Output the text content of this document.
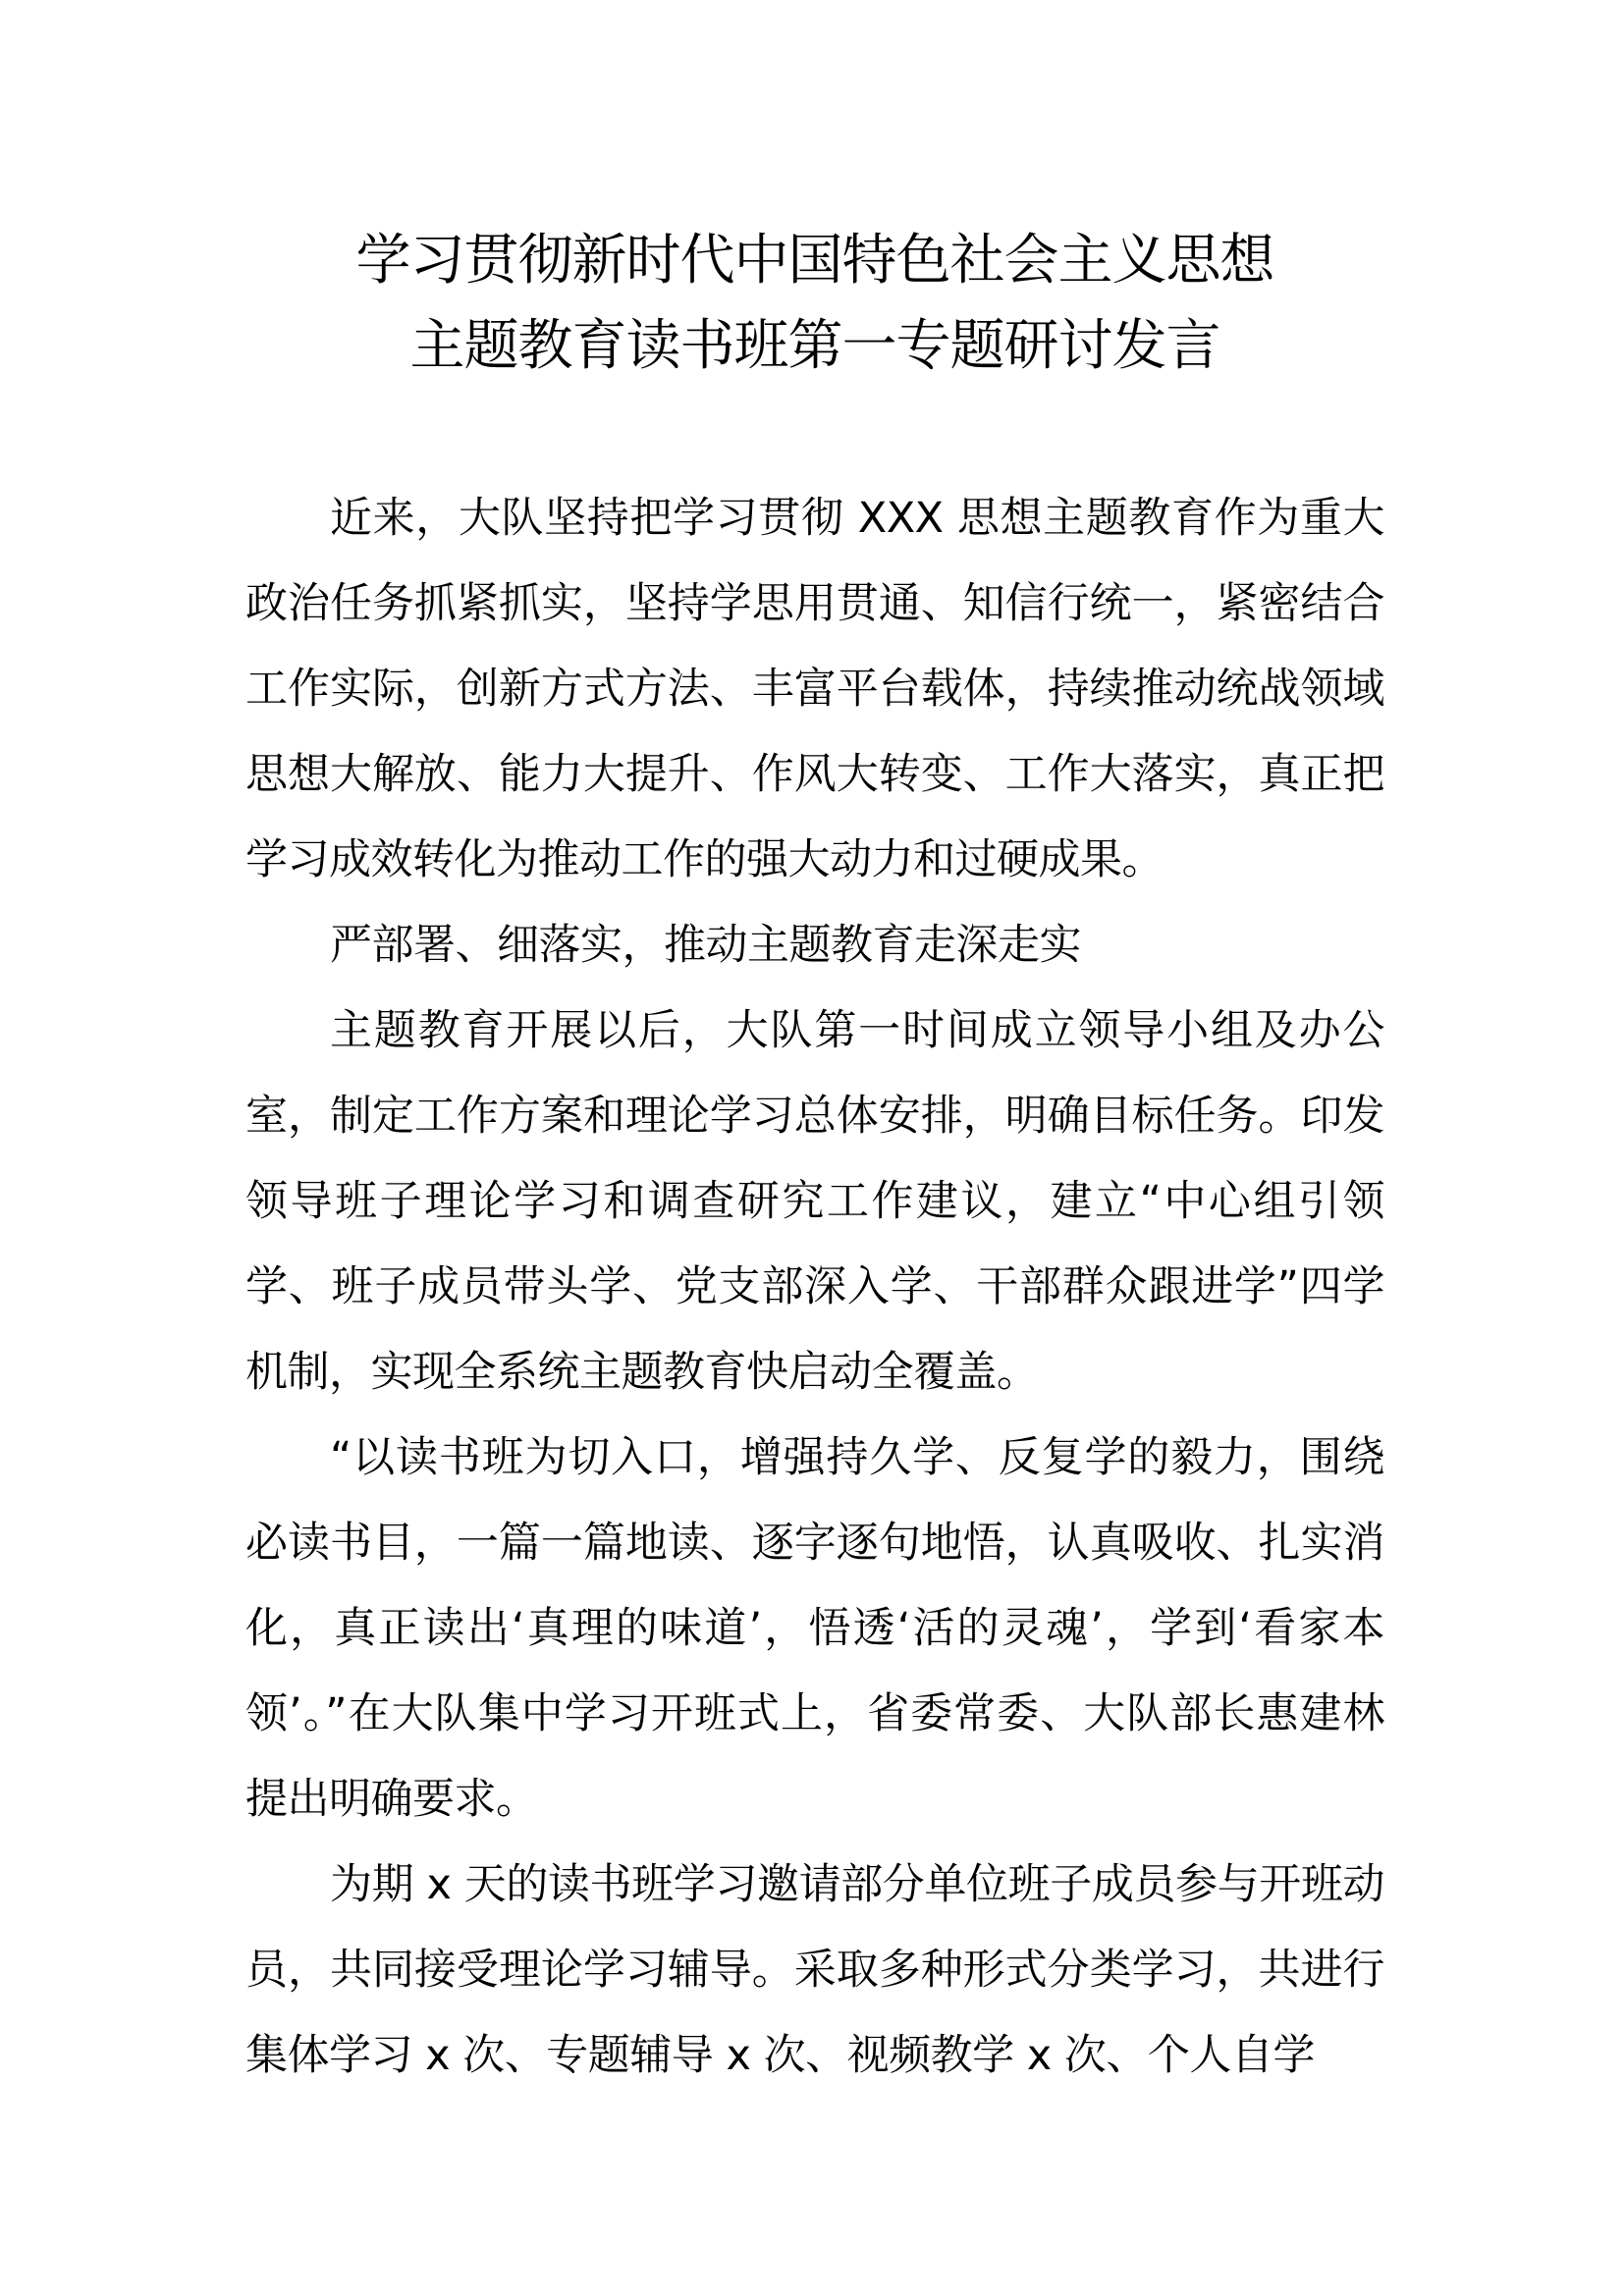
学习贯彻新时代中国特色社会主义思想
主题教育读书班第一专题研讨发言

近来，大队坚持把学习贯彻 XXX 思想主题教育作为重大政治任务抓紧抓实，坚持学思用贯通、知信行统一，紧密结合工作实际，创新方式方法、丰富平台载体，持续推动统战领域思想大解放、能力大提升、作风大转变、工作大落实，真正把学习成效转化为推动工作的强大动力和过硬成果。

严部署、细落实，推动主题教育走深走实

主题教育开展以后，大队第一时间成立领导小组及办公室，制定工作方案和理论学习总体安排，明确目标任务。印发领导班子理论学习和调查研究工作建议，建立“中心组引领学、班子成员带头学、党支部深入学、干部群众跟进学”四学机制，实现全系统主题教育快启动全覆盖。

“以读书班为切入口，增强持久学、反复学的毅力，围绕必读书目，一篇一篇地读、逐字逐句地悟，认真吸收、扎实消化，真正读出‘真理的味道’，悟透‘活的灵魂’，学到‘看家本领’。”在大队集中学习开班式上，省委常委、大队部长惠建林提出明确要求。

为期 x 天的读书班学习邀请部分单位班子成员参与开班动员，共同接受理论学习辅导。采取多种形式分类学习，共进行集体学习 x 次、专题辅导 x 次、视频教学 x 次、个人自学
